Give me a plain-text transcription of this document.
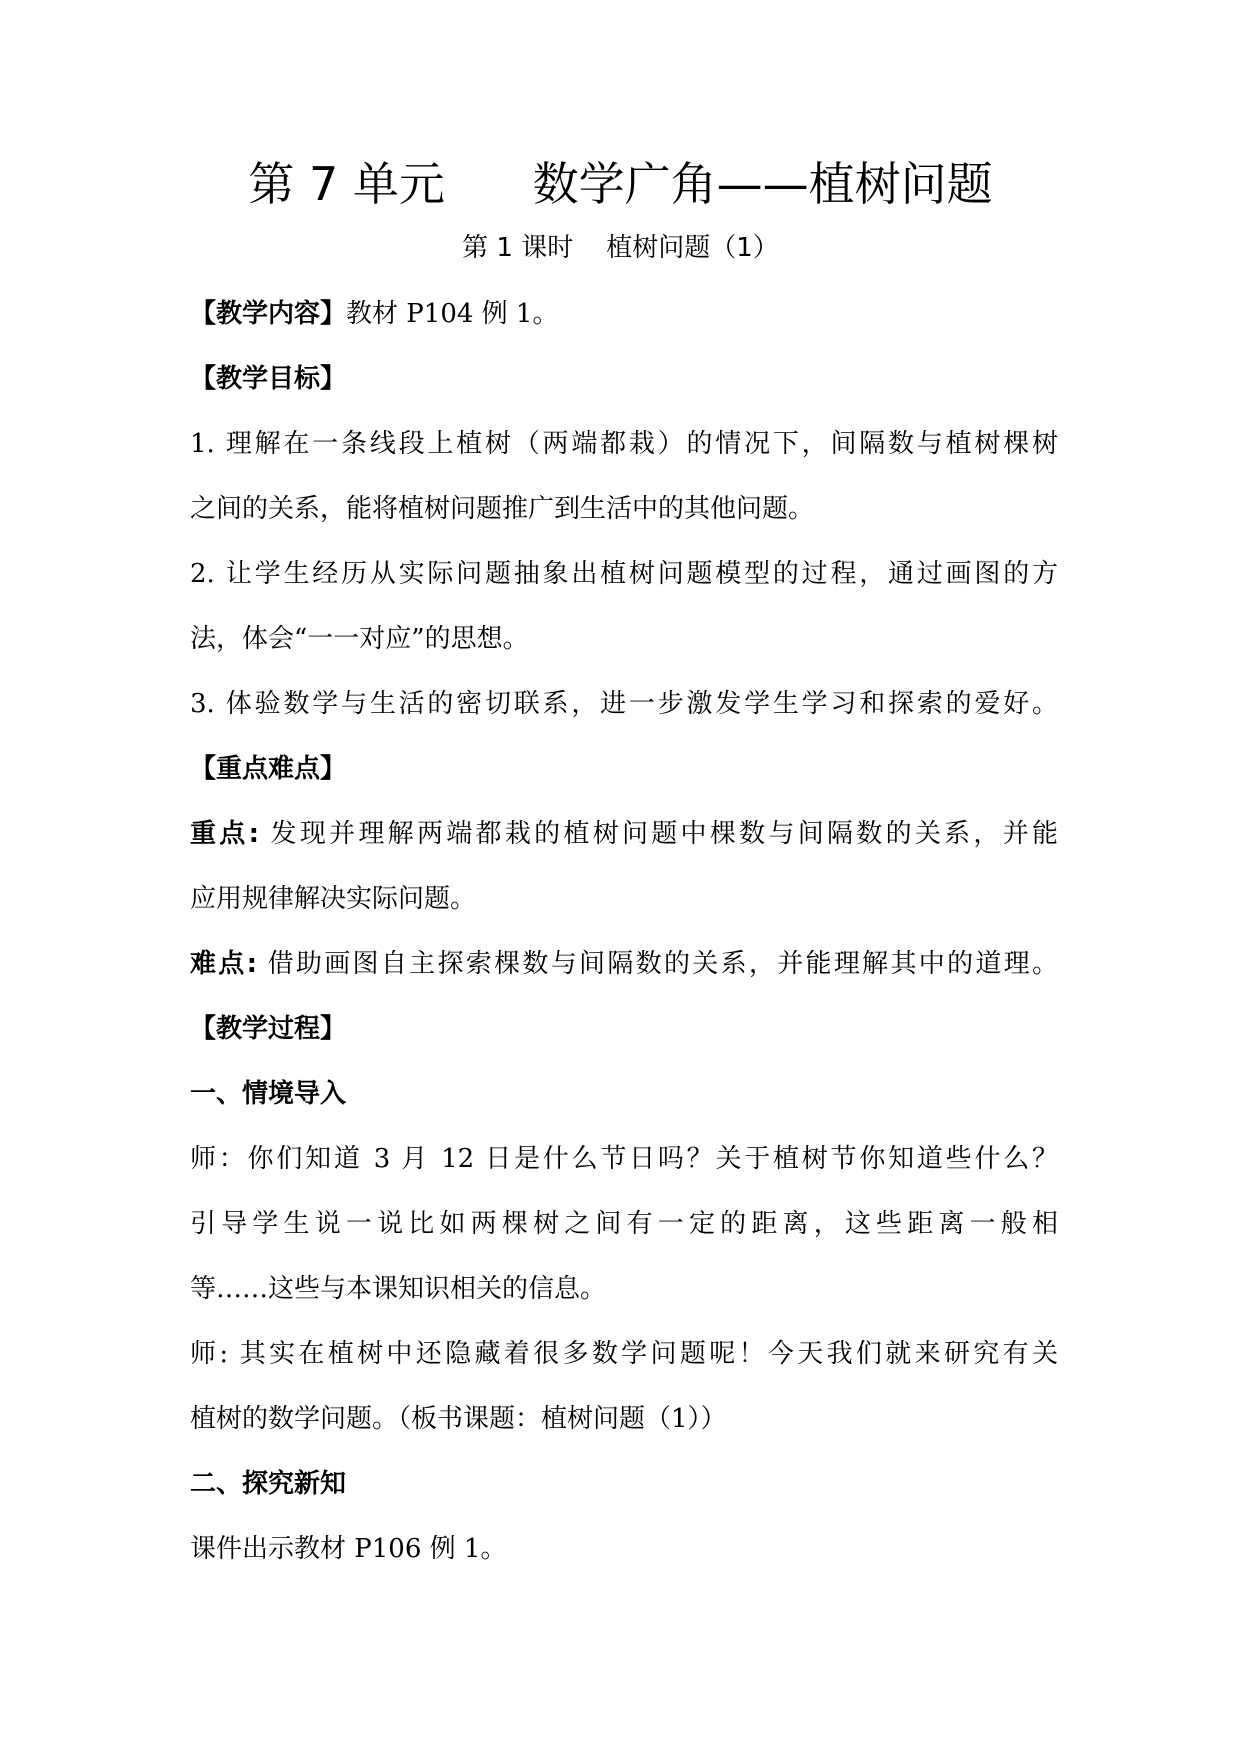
第 7 单元      数学广角——植树问题
第 1 课时    植树问题（1）
【教学内容】教材 P104 例 1。
【教学目标】
1. 理解在一条线段上植树（两端都栽）的情况下，间隔数与植树棵树
之间的关系，能将植树问题推广到生活中的其他问题。
2. 让学生经历从实际问题抽象出植树问题模型的过程，通过画图的方
法，体会“一一对应”的思想。
3. 体验数学与生活的密切联系，进一步激发学生学习和探索的爱好。
【重点难点】
重点: 发现并理解两端都栽的植树问题中棵数与间隔数的关系，并能
应用规律解决实际问题。
难点: 借助画图自主探索棵数与间隔数的关系，并能理解其中的道理。
【教学过程】
一、情境导入
师：你们知道 3 月 12 日是什么节日吗？关于植树节你知道些什么？
引导学生说一说比如两棵树之间有一定的距离，这些距离一般相
等……这些与本课知识相关的信息。
师: 其实在植树中还隐藏着很多数学问题呢！今天我们就来研究有关
植树的数学问题。（板书课题：植树问题（1））
二、探究新知
课件出示教材 P106 例 1。
